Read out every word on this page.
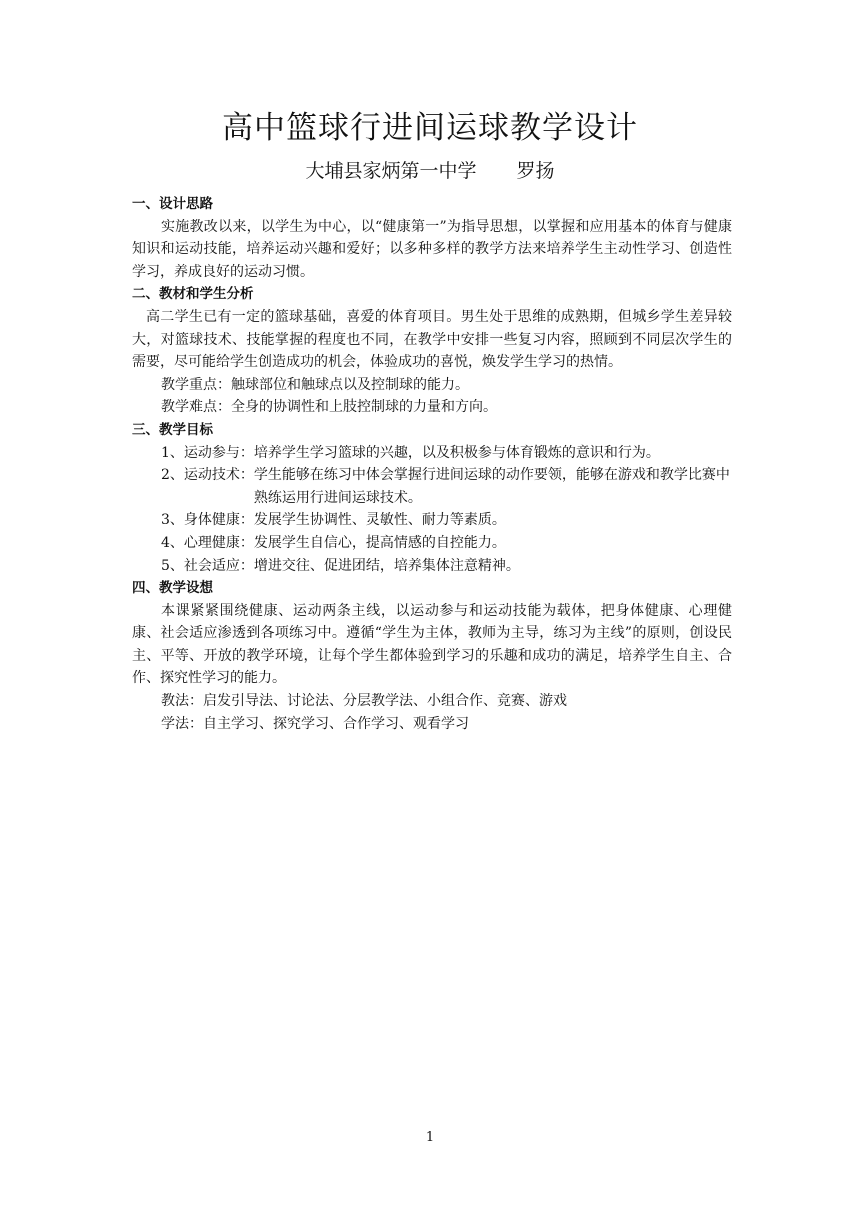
高中篮球行进间运球教学设计
大埔县家炳第一中学 罗扬
一、设计思路
实施教改以来，以学生为中心，以“健康第一”为指导思想，以掌握和应用基本的体育与健康知识和运动技能，培养运动兴趣和爱好；以多种多样的教学方法来培养学生主动性学习、创造性学习，养成良好的运动习惯。
二、教材和学生分析
高二学生已有一定的篮球基础，喜爱的体育项目。男生处于思维的成熟期，但城乡学生差异较大，对篮球技术、技能掌握的程度也不同，在教学中安排一些复习内容，照顾到不同层次学生的需要，尽可能给学生创造成功的机会，体验成功的喜悦，焕发学生学习的热情。
教学重点：触球部位和触球点以及控制球的能力。
教学难点：全身的协调性和上肢控制球的力量和方向。
三、教学目标
1、运动参与： 培养学生学习篮球的兴趣，以及积极参与体育锻炼的意识和行为。
2、运动技术： 学生能够在练习中体会掌握行进间运球的动作要领，能够在游戏和教学比赛中熟练运用行进间运球技术。
3、身体健康： 发展学生协调性、灵敏性、耐力等素质。
4、心理健康： 发展学生自信心，提高情感的自控能力。
5、社会适应： 增进交往、促进团结，培养集体注意精神。
四、教学设想
本课紧紧围绕健康、运动两条主线，以运动参与和运动技能为载体，把身体健康、心理健康、社会适应渗透到各项练习中。遵循“学生为主体，教师为主导，练习为主线”的原则，创设民主、平等、开放的教学环境，让每个学生都体验到学习的乐趣和成功的满足，培养学生自主、合作、探究性学习的能力。
教法：启发引导法、讨论法、分层教学法、小组合作、竞赛、游戏
学法：自主学习、探究学习、合作学习、观看学习
1
